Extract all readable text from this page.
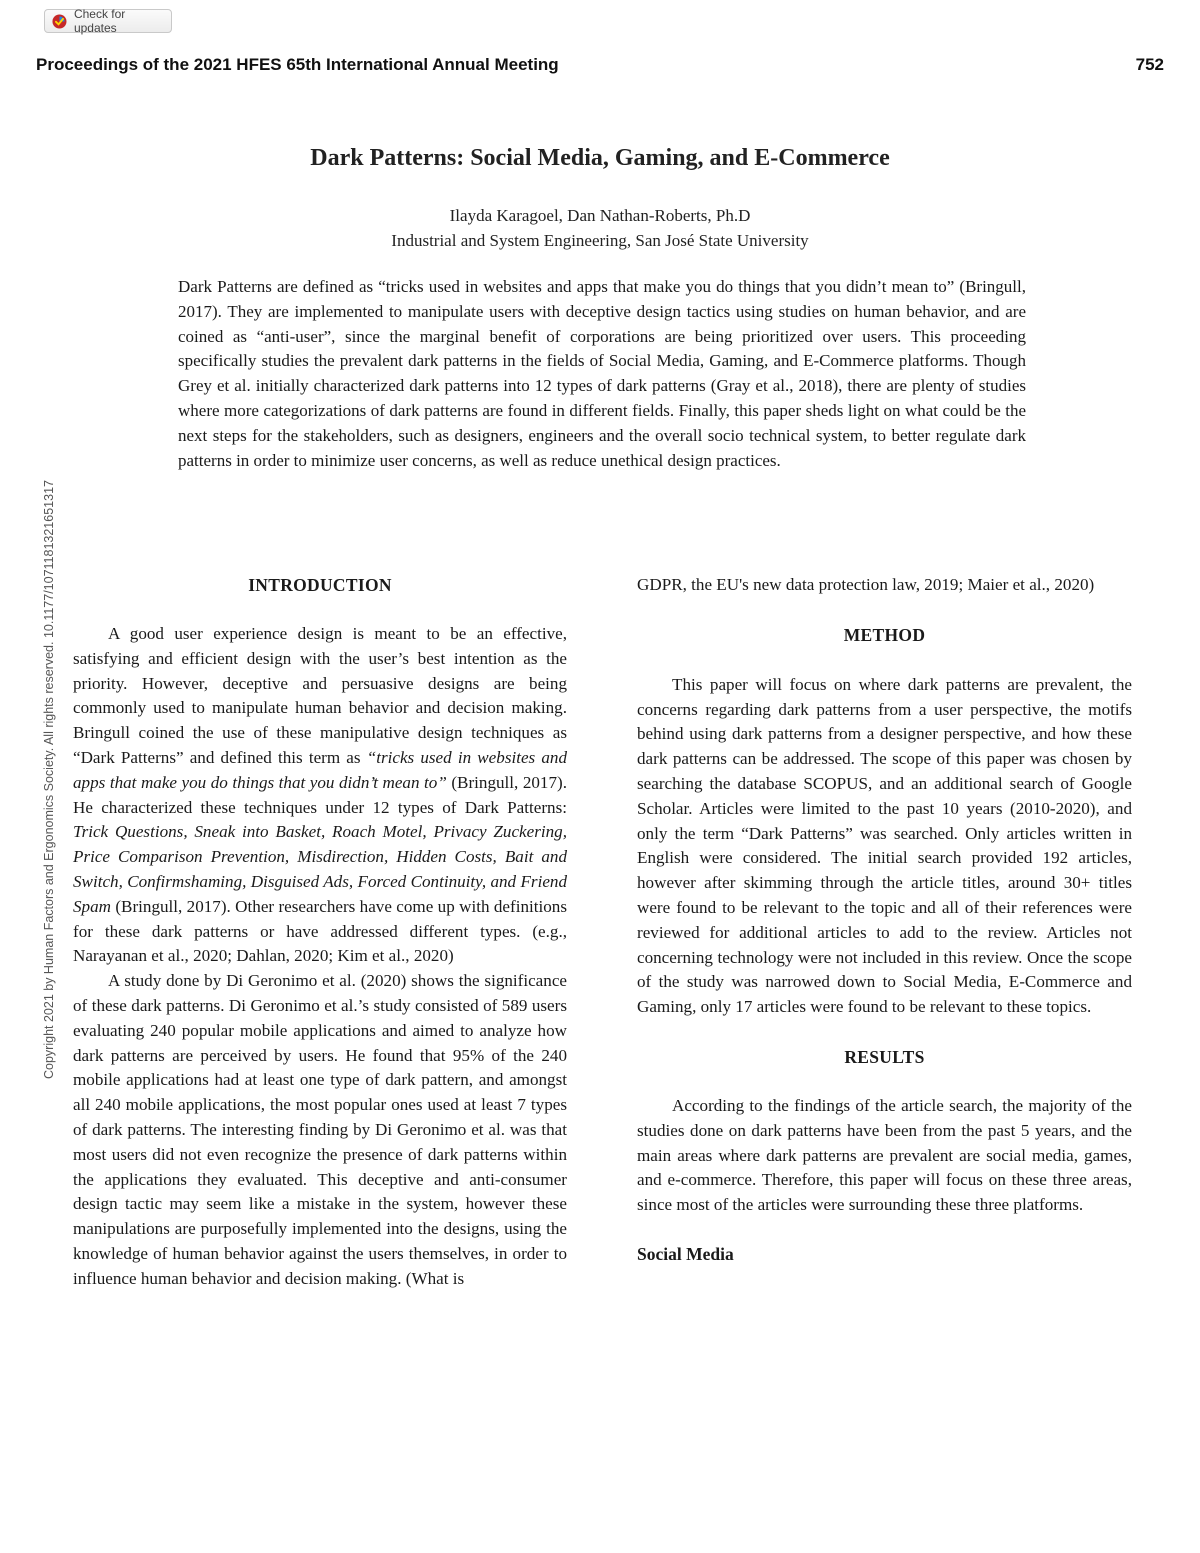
Check for updates
Proceedings of the 2021 HFES 65th International Annual Meeting	752
Copyright 2021 by Human Factors and Ergonomics Society. All rights reserved. 10.1177/1071181321651317
Dark Patterns: Social Media, Gaming, and E-Commerce
Ilayda Karagoel, Dan Nathan-Roberts, Ph.D
Industrial and System Engineering, San José State University

Dark Patterns are defined as “tricks used in websites and apps that make you do things that you didn’t mean to” (Bringull, 2017). They are implemented to manipulate users with deceptive design tactics using studies on human behavior, and are coined as “anti-user”, since the marginal benefit of corporations are being prioritized over users. This proceeding specifically studies the prevalent dark patterns in the fields of Social Media, Gaming, and E-Commerce platforms. Though Grey et al. initially characterized dark patterns into 12 types of dark patterns (Gray et al., 2018), there are plenty of studies where more categorizations of dark patterns are found in different fields. Finally, this paper sheds light on what could be the next steps for the stakeholders, such as designers, engineers and the overall socio technical system, to better regulate dark patterns in order to minimize user concerns, as well as reduce unethical design practices.

INTRODUCTION

A good user experience design is meant to be an effective, satisfying and efficient design with the user’s best intention as the priority. However, deceptive and persuasive designs are being commonly used to manipulate human behavior and decision making. Bringull coined the use of these manipulative design techniques as “Dark Patterns” and defined this term as “tricks used in websites and apps that make you do things that you didn’t mean to” (Bringull, 2017). He characterized these techniques under 12 types of Dark Patterns: Trick Questions, Sneak into Basket, Roach Motel, Privacy Zuckering, Price Comparison Prevention, Misdirection, Hidden Costs, Bait and Switch, Confirmshaming, Disguised Ads, Forced Continuity, and Friend Spam (Bringull, 2017). Other researchers have come up with definitions for these dark patterns or have addressed different types. (e.g., Narayanan et al., 2020; Dahlan, 2020; Kim et al., 2020)

A study done by Di Geronimo et al. (2020) shows the significance of these dark patterns. Di Geronimo et al.’s study consisted of 589 users evaluating 240 popular mobile applications and aimed to analyze how dark patterns are perceived by users. He found that 95% of the 240 mobile applications had at least one type of dark pattern, and amongst all 240 mobile applications, the most popular ones used at least 7 types of dark patterns. The interesting finding by Di Geronimo et al. was that most users did not even recognize the presence of dark patterns within the applications they evaluated. This deceptive and anti-consumer design tactic may seem like a mistake in the system, however these manipulations are purposefully implemented into the designs, using the knowledge of human behavior against the users themselves, in order to influence human behavior and decision making. (What is

GDPR, the EU's new data protection law, 2019; Maier et al., 2020)

METHOD

This paper will focus on where dark patterns are prevalent, the concerns regarding dark patterns from a user perspective, the motifs behind using dark patterns from a designer perspective, and how these dark patterns can be addressed. The scope of this paper was chosen by searching the database SCOPUS, and an additional search of Google Scholar. Articles were limited to the past 10 years (2010-2020), and only the term “Dark Patterns” was searched. Only articles written in English were considered. The initial search provided 192 articles, however after skimming through the article titles, around 30+ titles were found to be relevant to the topic and all of their references were reviewed for additional articles to add to the review. Articles not concerning technology were not included in this review. Once the scope of the study was narrowed down to Social Media, E-Commerce and Gaming, only 17 articles were found to be relevant to these topics.

RESULTS

According to the findings of the article search, the majority of the studies done on dark patterns have been from the past 5 years, and the main areas where dark patterns are prevalent are social media, games, and e-commerce. Therefore, this paper will focus on these three areas, since most of the articles were surrounding these three platforms.

Social Media
